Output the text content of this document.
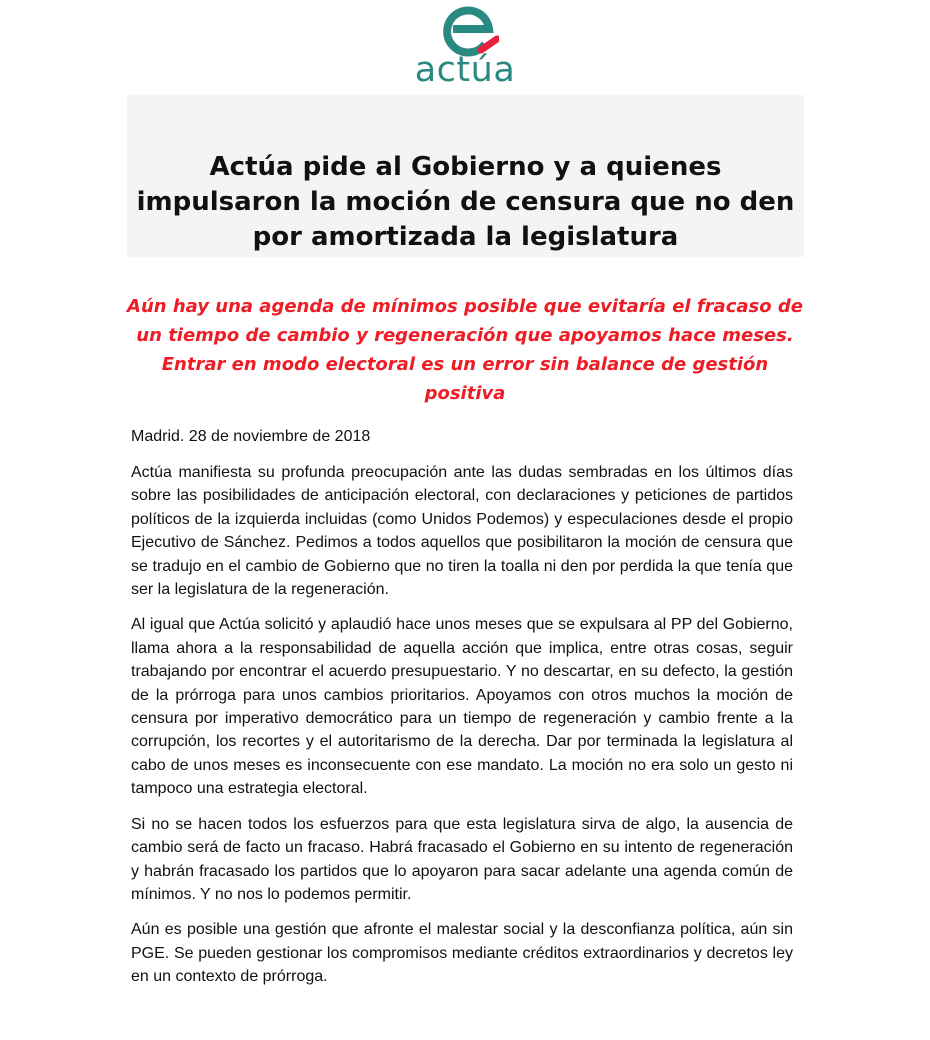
actúa
Actúa pide al Gobierno y a quienes impulsaron la moción de censura que no den por amortizada la legislatura

Aún hay una agenda de mínimos posible que evitaría el fracaso de un tiempo de cambio y regeneración que apoyamos hace meses. Entrar en modo electoral es un error sin balance de gestión positiva

Madrid. 28 de noviembre de 2018

Actúa manifiesta su profunda preocupación ante las dudas sembradas en los últimos días sobre las posibilidades de anticipación electoral, con declaraciones y peticiones de partidos políticos de la izquierda incluidas (como Unidos Podemos) y especulaciones desde el propio Ejecutivo de Sánchez. Pedimos a todos aquellos que posibilitaron la moción de censura que se tradujo en el cambio de Gobierno que no tiren la toalla ni den por perdida la que tenía que ser la legislatura de la regeneración.

Al igual que Actúa solicitó y aplaudió hace unos meses que se expulsara al PP del Gobierno, llama ahora a la responsabilidad de aquella acción que implica, entre otras cosas, seguir trabajando por encontrar el acuerdo presupuestario. Y no descartar, en su defecto, la gestión de la prórroga para unos cambios prioritarios. Apoyamos con otros muchos la moción de censura por imperativo democrático para un tiempo de regeneración y cambio frente a la corrupción, los recortes y el autoritarismo de la derecha. Dar por terminada la legislatura al cabo de unos meses es inconsecuente con ese mandato. La moción no era solo un gesto ni tampoco una estrategia electoral.

Si no se hacen todos los esfuerzos para que esta legislatura sirva de algo, la ausencia de cambio será de facto un fracaso. Habrá fracasado el Gobierno en su intento de regeneración y habrán fracasado los partidos que lo apoyaron para sacar adelante una agenda común de mínimos. Y no nos lo podemos permitir.

Aún es posible una gestión que afronte el malestar social y la desconfianza política, aún sin PGE. Se pueden gestionar los compromisos mediante créditos extraordinarios y decretos ley en un contexto de prórroga.
